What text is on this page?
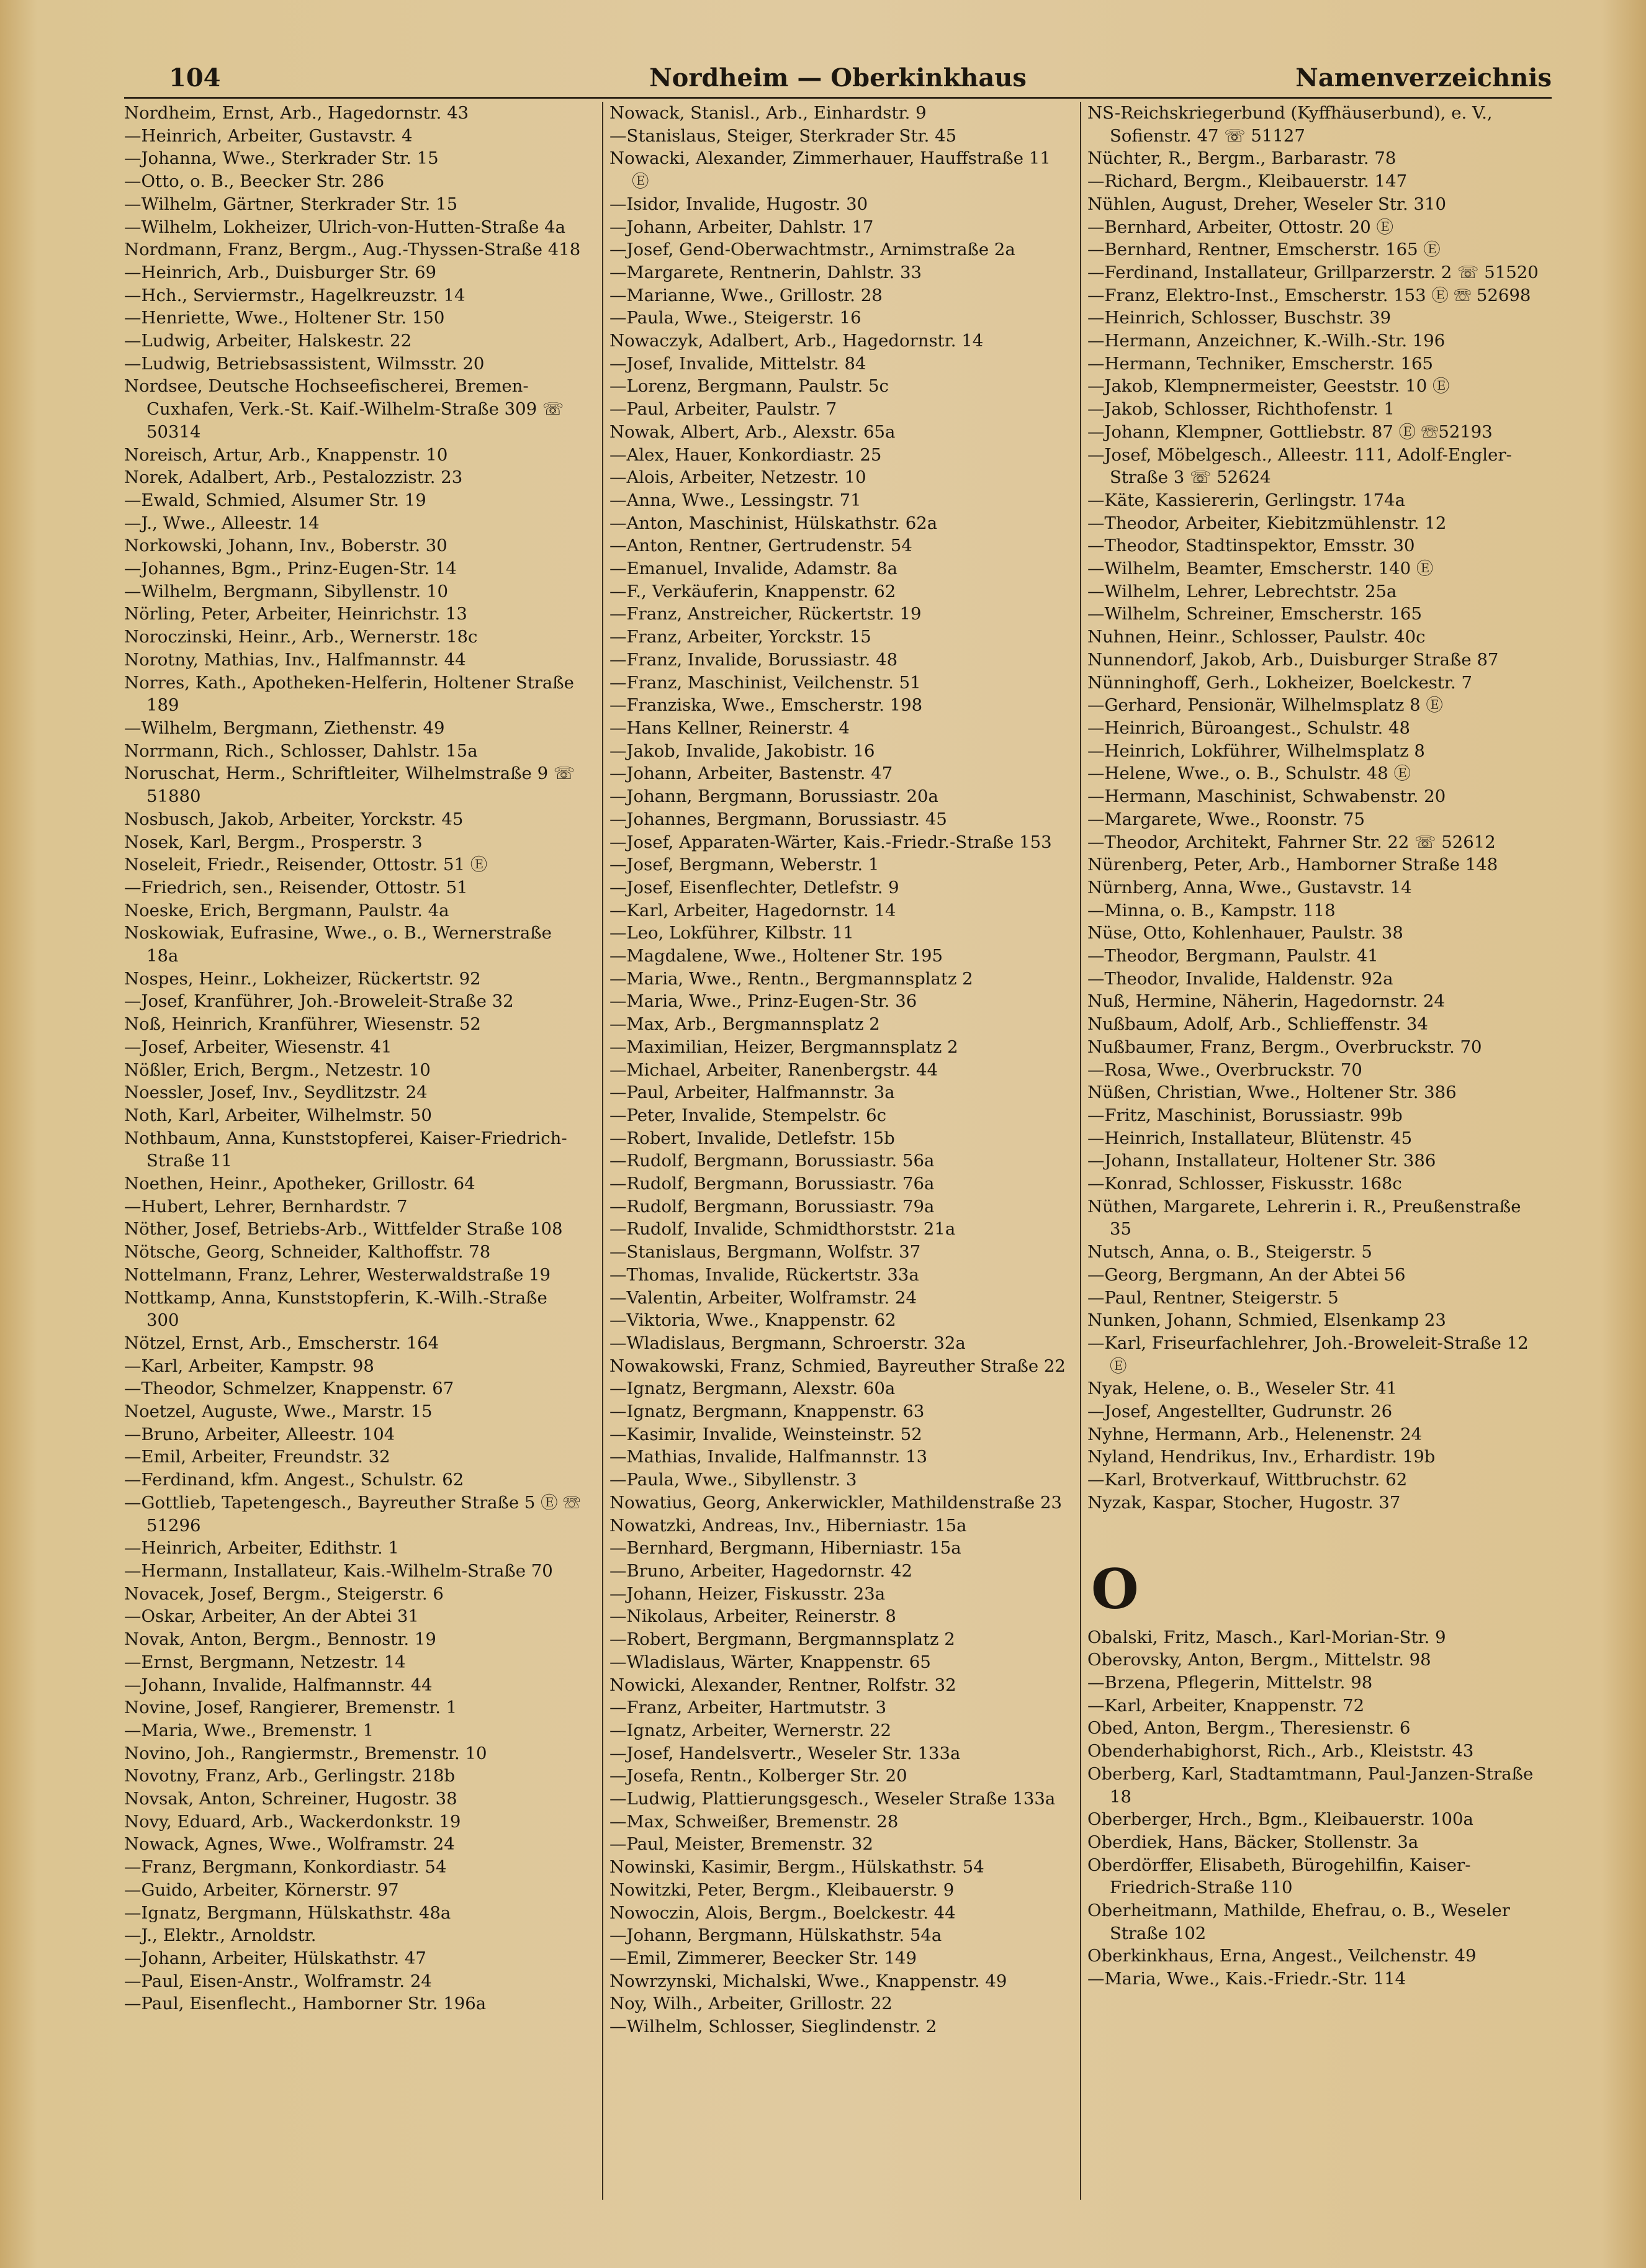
104	Nordheim — Oberkinkhaus	Namenverzeichnis
Nordheim, Ernst, Arb., Hagedornstr. 43
—Heinrich, Arbeiter, Gustavstr. 4
—Johanna, Wwe., Sterkrader Str. 15
—Otto, o. B., Beecker Str. 286
—Wilhelm, Gärtner, Sterkrader Str. 15
—Wilhelm, Lokheizer, Ulrich-von-Hutten-Straße 4a
Nordmann, Franz, Bergm., Aug.-Thyssen-Straße 418
—Heinrich, Arb., Duisburger Str. 69
—Hch., Serviermstr., Hagelkreuzstr. 14
—Henriette, Wwe., Holtener Str. 150
—Ludwig, Arbeiter, Halskestr. 22
—Ludwig, Betriebsassistent, Wilmsstr. 20
Nordsee, Deutsche Hochseefischerei, Bremen-Cuxhafen, Verk.-St. Kaif.-Wilhelm-Straße 309 ☏ 50314
Noreisch, Artur, Arb., Knappenstr. 10
Norek, Adalbert, Arb., Pestalozzistr. 23
—Ewald, Schmied, Alsumer Str. 19
—J., Wwe., Alleestr. 14
Norkowski, Johann, Inv., Boberstr. 30
—Johannes, Bgm., Prinz-Eugen-Str. 14
—Wilhelm, Bergmann, Sibyllenstr. 10
Nörling, Peter, Arbeiter, Heinrichstr. 13
Noroczinski, Heinr., Arb., Wernerstr. 18c
Norotny, Mathias, Inv., Halfmannstr. 44
Norres, Kath., Apotheken-Helferin, Holtener Straße 189
—Wilhelm, Bergmann, Ziethenstr. 49
Norrmann, Rich., Schlosser, Dahlstr. 15a
Noruschat, Herm., Schriftleiter, Wilhelmstraße 9 ☏ 51880
Nosbusch, Jakob, Arbeiter, Yorckstr. 45
Nosek, Karl, Bergm., Prosperstr. 3
Noseleit, Friedr., Reisender, Ottostr. 51 Ⓔ
—Friedrich, sen., Reisender, Ottostr. 51
Noeske, Erich, Bergmann, Paulstr. 4a
Noskowiak, Eufrasine, Wwe., o. B., Wernerstraße 18a
Nospes, Heinr., Lokheizer, Rückertstr. 92
—Josef, Kranführer, Joh.-Broweleit-Straße 32
Noß, Heinrich, Kranführer, Wiesenstr. 52
—Josef, Arbeiter, Wiesenstr. 41
Nößler, Erich, Bergm., Netzestr. 10
Noessler, Josef, Inv., Seydlitzstr. 24
Noth, Karl, Arbeiter, Wilhelmstr. 50
Nothbaum, Anna, Kunststopferei, Kaiser-Friedrich-Straße 11
Noethen, Heinr., Apotheker, Grillostr. 64
—Hubert, Lehrer, Bernhardstr. 7
Nöther, Josef, Betriebs-Arb., Wittfelder Straße 108
Nötsche, Georg, Schneider, Kalthoffstr. 78
Nottelmann, Franz, Lehrer, Westerwaldstraße 19
Nottkamp, Anna, Kunststopferin, K.-Wilh.-Straße 300
Nötzel, Ernst, Arb., Emscherstr. 164
—Karl, Arbeiter, Kampstr. 98
—Theodor, Schmelzer, Knappenstr. 67
Noetzel, Auguste, Wwe., Marstr. 15
—Bruno, Arbeiter, Alleestr. 104
—Emil, Arbeiter, Freundstr. 32
—Ferdinand, kfm. Angest., Schulstr. 62
—Gottlieb, Tapetengesch., Bayreuther Straße 5 Ⓔ ☏ 51296
—Heinrich, Arbeiter, Edithstr. 1
—Hermann, Installateur, Kais.-Wilhelm-Straße 70
Novacek, Josef, Bergm., Steigerstr. 6
—Oskar, Arbeiter, An der Abtei 31
Novak, Anton, Bergm., Bennostr. 19
—Ernst, Bergmann, Netzestr. 14
—Johann, Invalide, Halfmannstr. 44
Novine, Josef, Rangierer, Bremenstr. 1
—Maria, Wwe., Bremenstr. 1
Novino, Joh., Rangiermstr., Bremenstr. 10
Novotny, Franz, Arb., Gerlingstr. 218b
Novsak, Anton, Schreiner, Hugostr. 38
Novy, Eduard, Arb., Wackerdonkstr. 19
Nowack, Agnes, Wwe., Wolframstr. 24
—Franz, Bergmann, Konkordiastr. 54
—Guido, Arbeiter, Körnerstr. 97
—Ignatz, Bergmann, Hülskathstr. 48a
—J., Elektr., Arnoldstr.
—Johann, Arbeiter, Hülskathstr. 47
—Paul, Eisen-Anstr., Wolframstr. 24
—Paul, Eisenflecht., Hamborner Str. 196a
Nowack, Stanisl., Arb., Einhardstr. 9
—Stanislaus, Steiger, Sterkrader Str. 45
Nowacki, Alexander, Zimmerhauer, Hauffstraße 11 Ⓔ
—Isidor, Invalide, Hugostr. 30
—Johann, Arbeiter, Dahlstr. 17
—Josef, Gend-Oberwachtmstr., Arnimstraße 2a
—Margarete, Rentnerin, Dahlstr. 33
—Marianne, Wwe., Grillostr. 28
—Paula, Wwe., Steigerstr. 16
Nowaczyk, Adalbert, Arb., Hagedornstr. 14
—Josef, Invalide, Mittelstr. 84
—Lorenz, Bergmann, Paulstr. 5c
—Paul, Arbeiter, Paulstr. 7
Nowak, Albert, Arb., Alexstr. 65a
—Alex, Hauer, Konkordiastr. 25
—Alois, Arbeiter, Netzestr. 10
—Anna, Wwe., Lessingstr. 71
—Anton, Maschinist, Hülskathstr. 62a
—Anton, Rentner, Gertrudenstr. 54
—Emanuel, Invalide, Adamstr. 8a
—F., Verkäuferin, Knappenstr. 62
—Franz, Anstreicher, Rückertstr. 19
—Franz, Arbeiter, Yorckstr. 15
—Franz, Invalide, Borussiastr. 48
—Franz, Maschinist, Veilchenstr. 51
—Franziska, Wwe., Emscherstr. 198
—Hans Kellner, Reinerstr. 4
—Jakob, Invalide, Jakobistr. 16
—Johann, Arbeiter, Bastenstr. 47
—Johann, Bergmann, Borussiastr. 20a
—Johannes, Bergmann, Borussiastr. 45
—Josef, Apparaten-Wärter, Kais.-Friedr.-Straße 153
—Josef, Bergmann, Weberstr. 1
—Josef, Eisenflechter, Detlefstr. 9
—Karl, Arbeiter, Hagedornstr. 14
—Leo, Lokführer, Kilbstr. 11
—Magdalene, Wwe., Holtener Str. 195
—Maria, Wwe., Rentn., Bergmannsplatz 2
—Maria, Wwe., Prinz-Eugen-Str. 36
—Max, Arb., Bergmannsplatz 2
—Maximilian, Heizer, Bergmannsplatz 2
—Michael, Arbeiter, Ranenbergstr. 44
—Paul, Arbeiter, Halfmannstr. 3a
—Peter, Invalide, Stempelstr. 6c
—Robert, Invalide, Detlefstr. 15b
—Rudolf, Bergmann, Borussiastr. 56a
—Rudolf, Bergmann, Borussiastr. 76a
—Rudolf, Bergmann, Borussiastr. 79a
—Rudolf, Invalide, Schmidthorststr. 21a
—Stanislaus, Bergmann, Wolfstr. 37
—Thomas, Invalide, Rückertstr. 33a
—Valentin, Arbeiter, Wolframstr. 24
—Viktoria, Wwe., Knappenstr. 62
—Wladislaus, Bergmann, Schroerstr. 32a
Nowakowski, Franz, Schmied, Bayreuther Straße 22
—Ignatz, Bergmann, Alexstr. 60a
—Ignatz, Bergmann, Knappenstr. 63
—Kasimir, Invalide, Weinsteinstr. 52
—Mathias, Invalide, Halfmannstr. 13
—Paula, Wwe., Sibyllenstr. 3
Nowatius, Georg, Ankerwickler, Mathildenstraße 23
Nowatzki, Andreas, Inv., Hiberniastr. 15a
—Bernhard, Bergmann, Hiberniastr. 15a
—Bruno, Arbeiter, Hagedornstr. 42
—Johann, Heizer, Fiskusstr. 23a
—Nikolaus, Arbeiter, Reinerstr. 8
—Robert, Bergmann, Bergmannsplatz 2
—Wladislaus, Wärter, Knappenstr. 65
Nowicki, Alexander, Rentner, Rolfstr. 32
—Franz, Arbeiter, Hartmutstr. 3
—Ignatz, Arbeiter, Wernerstr. 22
—Josef, Handelsvertr., Weseler Str. 133a
—Josefa, Rentn., Kolberger Str. 20
—Ludwig, Plattierungsgesch., Weseler Straße 133a
—Max, Schweißer, Bremenstr. 28
—Paul, Meister, Bremenstr. 32
Nowinski, Kasimir, Bergm., Hülskathstr. 54
Nowitzki, Peter, Bergm., Kleibauerstr. 9
Nowoczin, Alois, Bergm., Boelckestr. 44
—Johann, Bergmann, Hülskathstr. 54a
—Emil, Zimmerer, Beecker Str. 149
Nowrzynski, Michalski, Wwe., Knappenstr. 49
Noy, Wilh., Arbeiter, Grillostr. 22
—Wilhelm, Schlosser, Sieglindenstr. 2
NS-Reichskriegerbund (Kyffhäuserbund), e. V., Sofienstr. 47 ☏ 51127
Nüchter, R., Bergm., Barbarastr. 78
—Richard, Bergm., Kleibauerstr. 147
Nühlen, August, Dreher, Weseler Str. 310
—Bernhard, Arbeiter, Ottostr. 20 Ⓔ
—Bernhard, Rentner, Emscherstr. 165 Ⓔ
—Ferdinand, Installateur, Grillparzerstr. 2 ☏ 51520
—Franz, Elektro-Inst., Emscherstr. 153 Ⓔ ☏ 52698
—Heinrich, Schlosser, Buschstr. 39
—Hermann, Anzeichner, K.-Wilh.-Str. 196
—Hermann, Techniker, Emscherstr. 165
—Jakob, Klempnermeister, Geeststr. 10 Ⓔ
—Jakob, Schlosser, Richthofenstr. 1
—Johann, Klempner, Gottliebstr. 87 Ⓔ ☏52193
—Josef, Möbelgesch., Alleestr. 111, Adolf-Engler-Straße 3 ☏ 52624
—Käte, Kassiererin, Gerlingstr. 174a
—Theodor, Arbeiter, Kiebitzmühlenstr. 12
—Theodor, Stadtinspektor, Emsstr. 30
—Wilhelm, Beamter, Emscherstr. 140 Ⓔ
—Wilhelm, Lehrer, Lebrechtstr. 25a
—Wilhelm, Schreiner, Emscherstr. 165
Nuhnen, Heinr., Schlosser, Paulstr. 40c
Nunnendorf, Jakob, Arb., Duisburger Straße 87
Nünninghoff, Gerh., Lokheizer, Boelckestr. 7
—Gerhard, Pensionär, Wilhelmsplatz 8 Ⓔ
—Heinrich, Büroangest., Schulstr. 48
—Heinrich, Lokführer, Wilhelmsplatz 8
—Helene, Wwe., o. B., Schulstr. 48 Ⓔ
—Hermann, Maschinist, Schwabenstr. 20
—Margarete, Wwe., Roonstr. 75
—Theodor, Architekt, Fahrner Str. 22 ☏ 52612
Nürenberg, Peter, Arb., Hamborner Straße 148
Nürnberg, Anna, Wwe., Gustavstr. 14
—Minna, o. B., Kampstr. 118
Nüse, Otto, Kohlenhauer, Paulstr. 38
—Theodor, Bergmann, Paulstr. 41
—Theodor, Invalide, Haldenstr. 92a
Nuß, Hermine, Näherin, Hagedornstr. 24
Nußbaum, Adolf, Arb., Schlieffenstr. 34
Nußbaumer, Franz, Bergm., Overbruckstr. 70
—Rosa, Wwe., Overbruckstr. 70
Nüßen, Christian, Wwe., Holtener Str. 386
—Fritz, Maschinist, Borussiastr. 99b
—Heinrich, Installateur, Blütenstr. 45
—Johann, Installateur, Holtener Str. 386
—Konrad, Schlosser, Fiskusstr. 168c
Nüthen, Margarete, Lehrerin i. R., Preußenstraße 35
Nutsch, Anna, o. B., Steigerstr. 5
—Georg, Bergmann, An der Abtei 56
—Paul, Rentner, Steigerstr. 5
Nunken, Johann, Schmied, Elsenkamp 23
—Karl, Friseurfachlehrer, Joh.-Broweleit-Straße 12 Ⓔ
Nyak, Helene, o. B., Weseler Str. 41
—Josef, Angestellter, Gudrunstr. 26
Nyhne, Hermann, Arb., Helenenstr. 24
Nyland, Hendrikus, Inv., Erhardistr. 19b
—Karl, Brotverkauf, Wittbruchstr. 62
Nyzak, Kaspar, Stocher, Hugostr. 37
O
Obalski, Fritz, Masch., Karl-Morian-Str. 9
Oberovsky, Anton, Bergm., Mittelstr. 98
—Brzena, Pflegerin, Mittelstr. 98
—Karl, Arbeiter, Knappenstr. 72
Obed, Anton, Bergm., Theresienstr. 6
Obenderhabighorst, Rich., Arb., Kleiststr. 43
Oberberg, Karl, Stadtamtmann, Paul-Janzen-Straße 18
Oberberger, Hrch., Bgm., Kleibauerstr. 100a
Oberdiek, Hans, Bäcker, Stollenstr. 3a
Oberdörffer, Elisabeth, Bürogehilfin, Kaiser-Friedrich-Straße 110
Oberheitmann, Mathilde, Ehefrau, o. B., Weseler Straße 102
Oberkinkhaus, Erna, Angest., Veilchenstr. 49
—Maria, Wwe., Kais.-Friedr.-Str. 114
